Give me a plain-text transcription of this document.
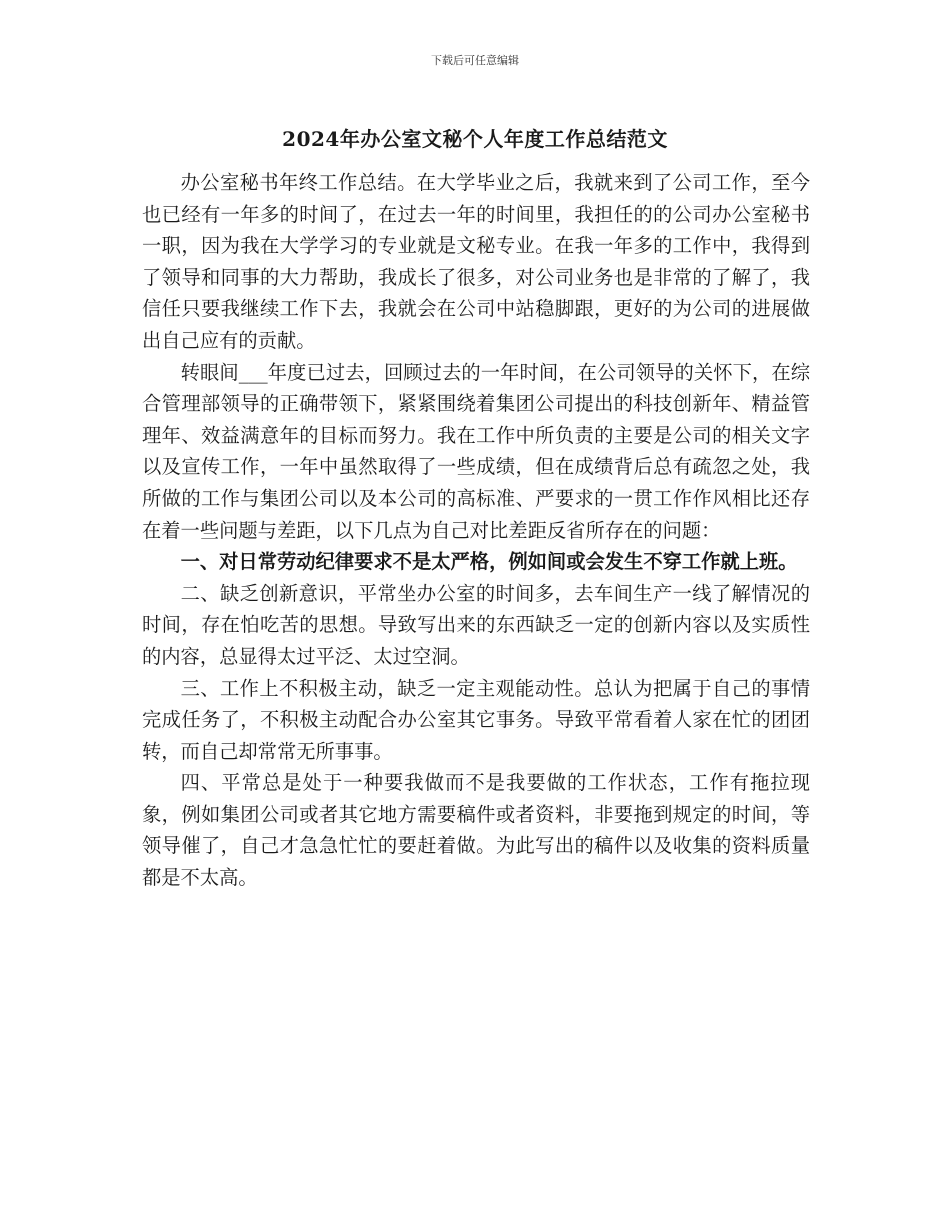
下载后可任意编辑
2024年办公室文秘个人年度工作总结范文

办公室秘书年终工作总结。在大学毕业之后，我就来到了公司工作，至今也已经有一年多的时间了，在过去一年的时间里，我担任的的公司办公室秘书一职，因为我在大学学习的专业就是文秘专业。在我一年多的工作中，我得到了领导和同事的大力帮助，我成长了很多，对公司业务也是非常的了解了，我信任只要我继续工作下去，我就会在公司中站稳脚跟，更好的为公司的进展做出自己应有的贡献。

转眼间___年度已过去，回顾过去的一年时间，在公司领导的关怀下，在综合管理部领导的正确带领下，紧紧围绕着集团公司提出的科技创新年、精益管理年、效益满意年的目标而努力。我在工作中所负责的主要是公司的相关文字以及宣传工作，一年中虽然取得了一些成绩，但在成绩背后总有疏忽之处，我所做的工作与集团公司以及本公司的高标准、严要求的一贯工作作风相比还存在着一些问题与差距，以下几点为自己对比差距反省所存在的问题：

一、对日常劳动纪律要求不是太严格，例如间或会发生不穿工作就上班。

二、缺乏创新意识，平常坐办公室的时间多，去车间生产一线了解情况的时间，存在怕吃苦的思想。导致写出来的东西缺乏一定的创新内容以及实质性的内容，总显得太过平泛、太过空洞。

三、工作上不积极主动，缺乏一定主观能动性。总认为把属于自己的事情完成任务了，不积极主动配合办公室其它事务。导致平常看着人家在忙的团团转，而自己却常常无所事事。

四、平常总是处于一种要我做而不是我要做的工作状态，工作有拖拉现象，例如集团公司或者其它地方需要稿件或者资料，非要拖到规定的时间，等领导催了，自己才急急忙忙的要赶着做。为此写出的稿件以及收集的资料质量都是不太高。
